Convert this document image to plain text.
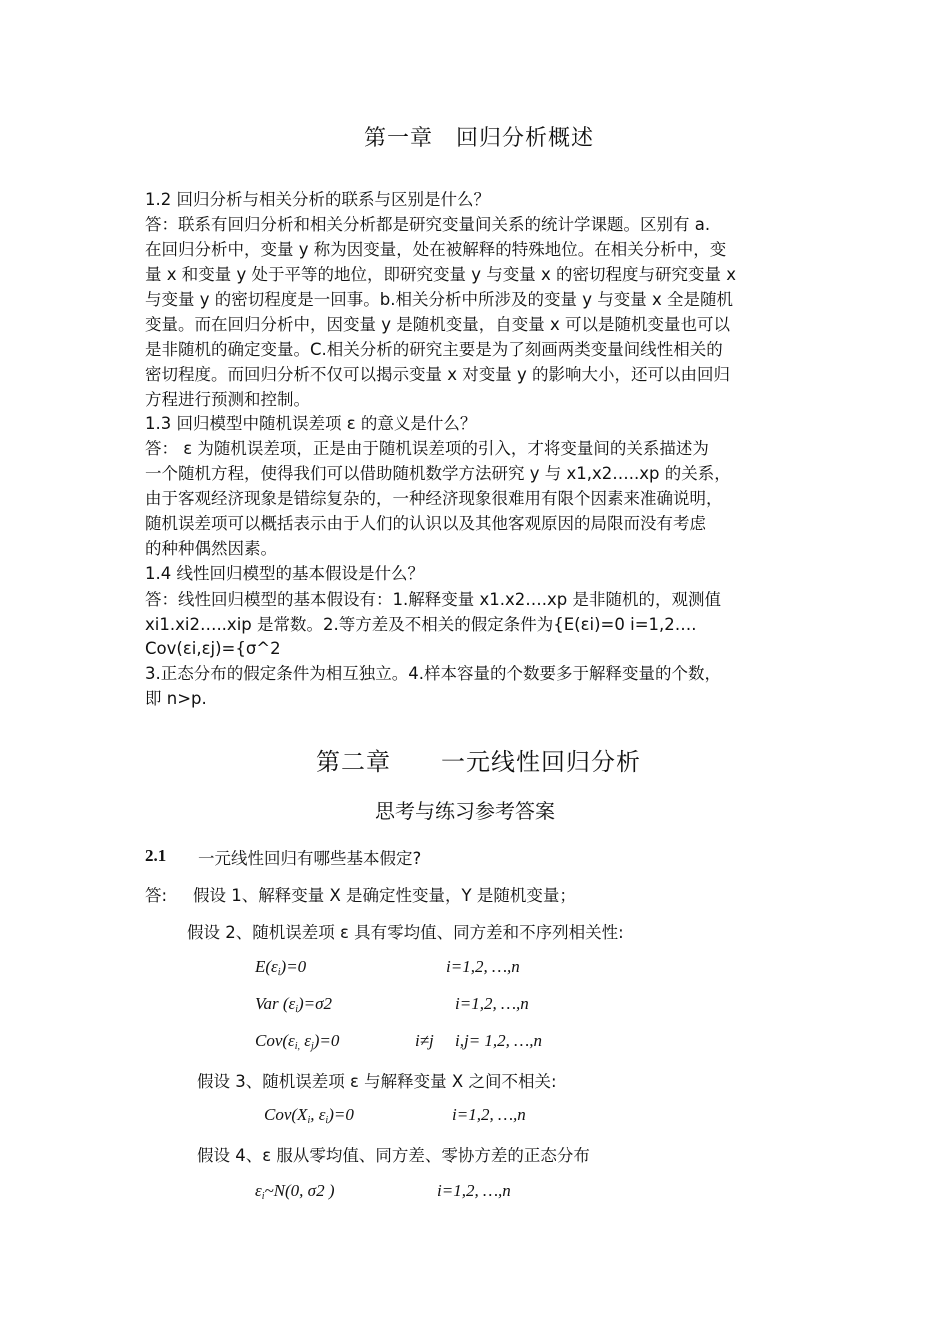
第一章　回归分析概述
1.2 回归分析与相关分析的联系与区别是什么？
答：联系有回归分析和相关分析都是研究变量间关系的统计学课题。区别有 a.
在回归分析中，变量 y 称为因变量，处在被解释的特殊地位。在相关分析中，变
量 x 和变量 y 处于平等的地位，即研究变量 y 与变量 x 的密切程度与研究变量 x
与变量 y 的密切程度是一回事。b.相关分析中所涉及的变量 y 与变量 x 全是随机
变量。而在回归分析中，因变量 y 是随机变量，自变量 x 可以是随机变量也可以
是非随机的确定变量。C.相关分析的研究主要是为了刻画两类变量间线性相关的
密切程度。而回归分析不仅可以揭示变量 x 对变量 y 的影响大小，还可以由回归
方程进行预测和控制。
1.3 回归模型中随机误差项 ε 的意义是什么？
答： ε 为随机误差项，正是由于随机误差项的引入，才将变量间的关系描述为
一个随机方程，使得我们可以借助随机数学方法研究 y 与 x1,x2…..xp 的关系，
由于客观经济现象是错综复杂的，一种经济现象很难用有限个因素来准确说明，
随机误差项可以概括表示由于人们的认识以及其他客观原因的局限而没有考虑
的种种偶然因素。
1.4 线性回归模型的基本假设是什么？
答：线性回归模型的基本假设有：1.解释变量 x1.x2….xp 是非随机的，观测值
xi1.xi2…..xip 是常数。2.等方差及不相关的假定条件为{E(εi)=0 i=1,2….
Cov(εi,εj)={σ^2
3.正态分布的假定条件为相互独立。4.样本容量的个数要多于解释变量的个数，
即 n>p.
第二章　　一元线性回归分析
思考与练习参考答案
2.1 一元线性回归有哪些基本假定?
答: 假设 1、解释变量 X 是确定性变量，Y 是随机变量；
假设 2、随机误差项 ε 具有零均值、同方差和不序列相关性:
$E(\varepsilon_i)=0$	i=1,2, …,n
Var $(\varepsilon_i)=\sigma 2$	i=1,2, …,n
$Cov(\varepsilon_{i,}$ $\varepsilon_j)=0$	i≠j i,j= 1,2, …,n
假设 3、随机误差项 ε 与解释变量 X 之间不相关:
$Cov(X_i$, $\varepsilon_i)=0$	i=1,2, …,n
假设 4、ε 服从零均值、同方差、零协方差的正态分布
$\varepsilon_i\sim N(0$, σ2 )	i=1,2, …,n
